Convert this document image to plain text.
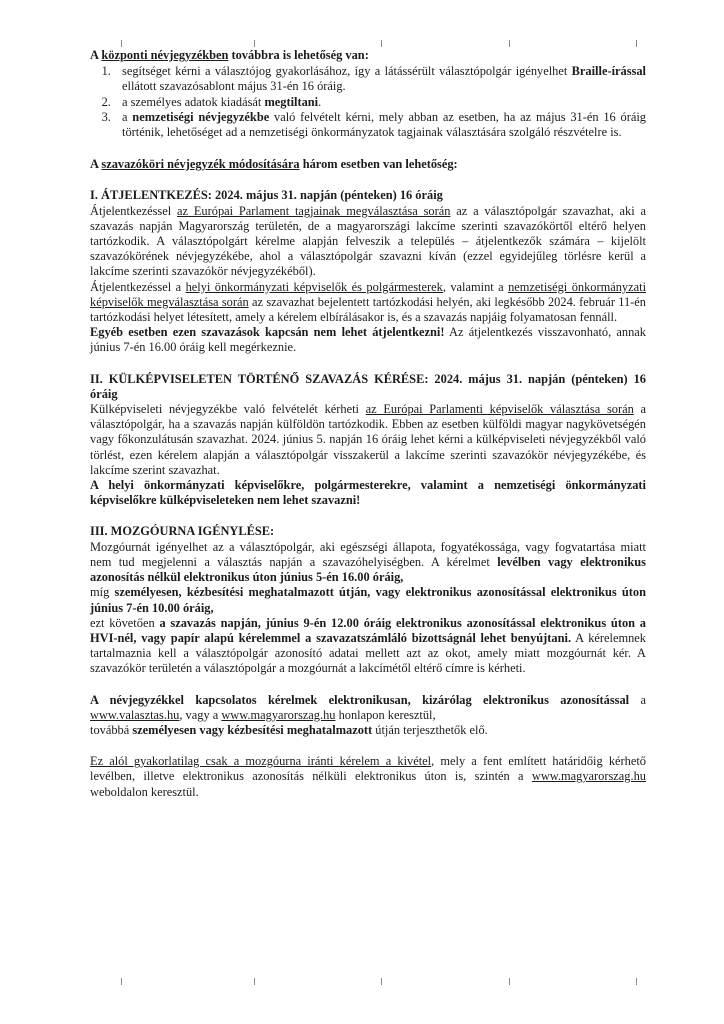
A központi névjegyzékben továbbra is lehetőség van:

1. segítséget kérni a választójog gyakorlásához, így a látássérült választópolgár igényelhet Braille-írással ellátott szavazósablont május 31-én 16 óráig.
2. a személyes adatok kiadását megtiltani.
3. a nemzetiségi névjegyzékbe való felvételt kérni, mely abban az esetben, ha az május 31-én 16 óráig történik, lehetőséget ad a nemzetiségi önkormányzatok tagjainak választására szolgáló részvételre is.

A szavazóköri névjegyzék módosítására három esetben van lehetőség:

I. ÁTJELENTKEZÉS: 2024. május 31. napján (pénteken) 16 óráig

Átjelentkezéssel az Európai Parlament tagjainak megválasztása során az a választópolgár szavazhat, aki a szavazás napján Magyarország területén, de a magyarországi lakcíme szerinti szavazókörtől eltérő helyen tartózkodik. A választópolgárt kérelme alapján felveszik a település – átjelentkezők számára – kijelölt szavazókörének névjegyzékébe, ahol a választópolgár szavazni kíván (ezzel egyidejűleg törlésre kerül a lakcíme szerinti szavazókör névjegyzékéből).

Átjelentkezéssel a helyi önkormányzati képviselők és polgármesterek, valamint a nemzetiségi önkormányzati képviselők megválasztása során az szavazhat bejelentett tartózkodási helyén, aki legkésőbb 2024. február 11-én tartózkodási helyet létesített, amely a kérelem elbírálásakor is, és a szavazás napjáig folyamatosan fennáll.

Egyéb esetben ezen szavazások kapcsán nem lehet átjelentkezni! Az átjelentkezés visszavonható, annak június 7-én 16.00 óráig kell megérkeznie.

II. KÜLKÉPVISELETEN TÖRTÉNŐ SZAVAZÁS KÉRÉSE: 2024. május 31. napján (pénteken) 16 óráig

Külképviseleti névjegyzékbe való felvételét kérheti az Európai Parlamenti képviselők választása során a választópolgár, ha a szavazás napján külföldön tartózkodik. Ebben az esetben külföldi magyar nagykövetségén vagy főkonzulátusán szavazhat. 2024. június 5. napján 16 óráig lehet kérni a külképviseleti névjegyzékből való törlést, ezen kérelem alapján a választópolgár visszakerül a lakcíme szerinti szavazókör névjegyzékébe, és lakcíme szerint szavazhat.

A helyi önkormányzati képviselőkre, polgármesterekre, valamint a nemzetiségi önkormányzati képviselőkre külképviseleteken nem lehet szavazni!

III. MOZGÓURNA IGÉNYLÉSE:

Mozgóurnát igényelhet az a választópolgár, aki egészségi állapota, fogyatékossága, vagy fogvatartása miatt nem tud megjelenni a választás napján a szavazóhelyiségben. A kérelmet levélben vagy elektronikus azonosítás nélkül elektronikus úton június 5-én 16.00 óráig,

míg személyesen, kézbesítési meghatalmazott útján, vagy elektronikus azonosítással elektronikus úton június 7-én 10.00 óráig,

ezt követően a szavazás napján, június 9-én 12.00 óráig elektronikus azonosítással elektronikus úton a HVI-nél, vagy papír alapú kérelemmel a szavazatszámláló bizottságnál lehet benyújtani. A kérelemnek tartalmaznia kell a választópolgár azonosító adatai mellett azt az okot, amely miatt mozgóurnát kér. A szavazókör területén a választópolgár a mozgóurnát a lakcímétől eltérő címre is kérheti.

A névjegyzékkel kapcsolatos kérelmek elektronikusan, kizárólag elektronikus azonosítással a www.valasztas.hu, vagy a www.magyarorszag.hu honlapon keresztül,
továbbá személyesen vagy kézbesítési meghatalmazott útján terjeszthetők elő.

Ez alól gyakorlatilag csak a mozgóurna iránti kérelem a kivétel, mely a fent említett határidőig kérhető levélben, illetve elektronikus azonosítás nélküli elektronikus úton is, szintén a www.magyarorszag.hu weboldalon keresztül.
